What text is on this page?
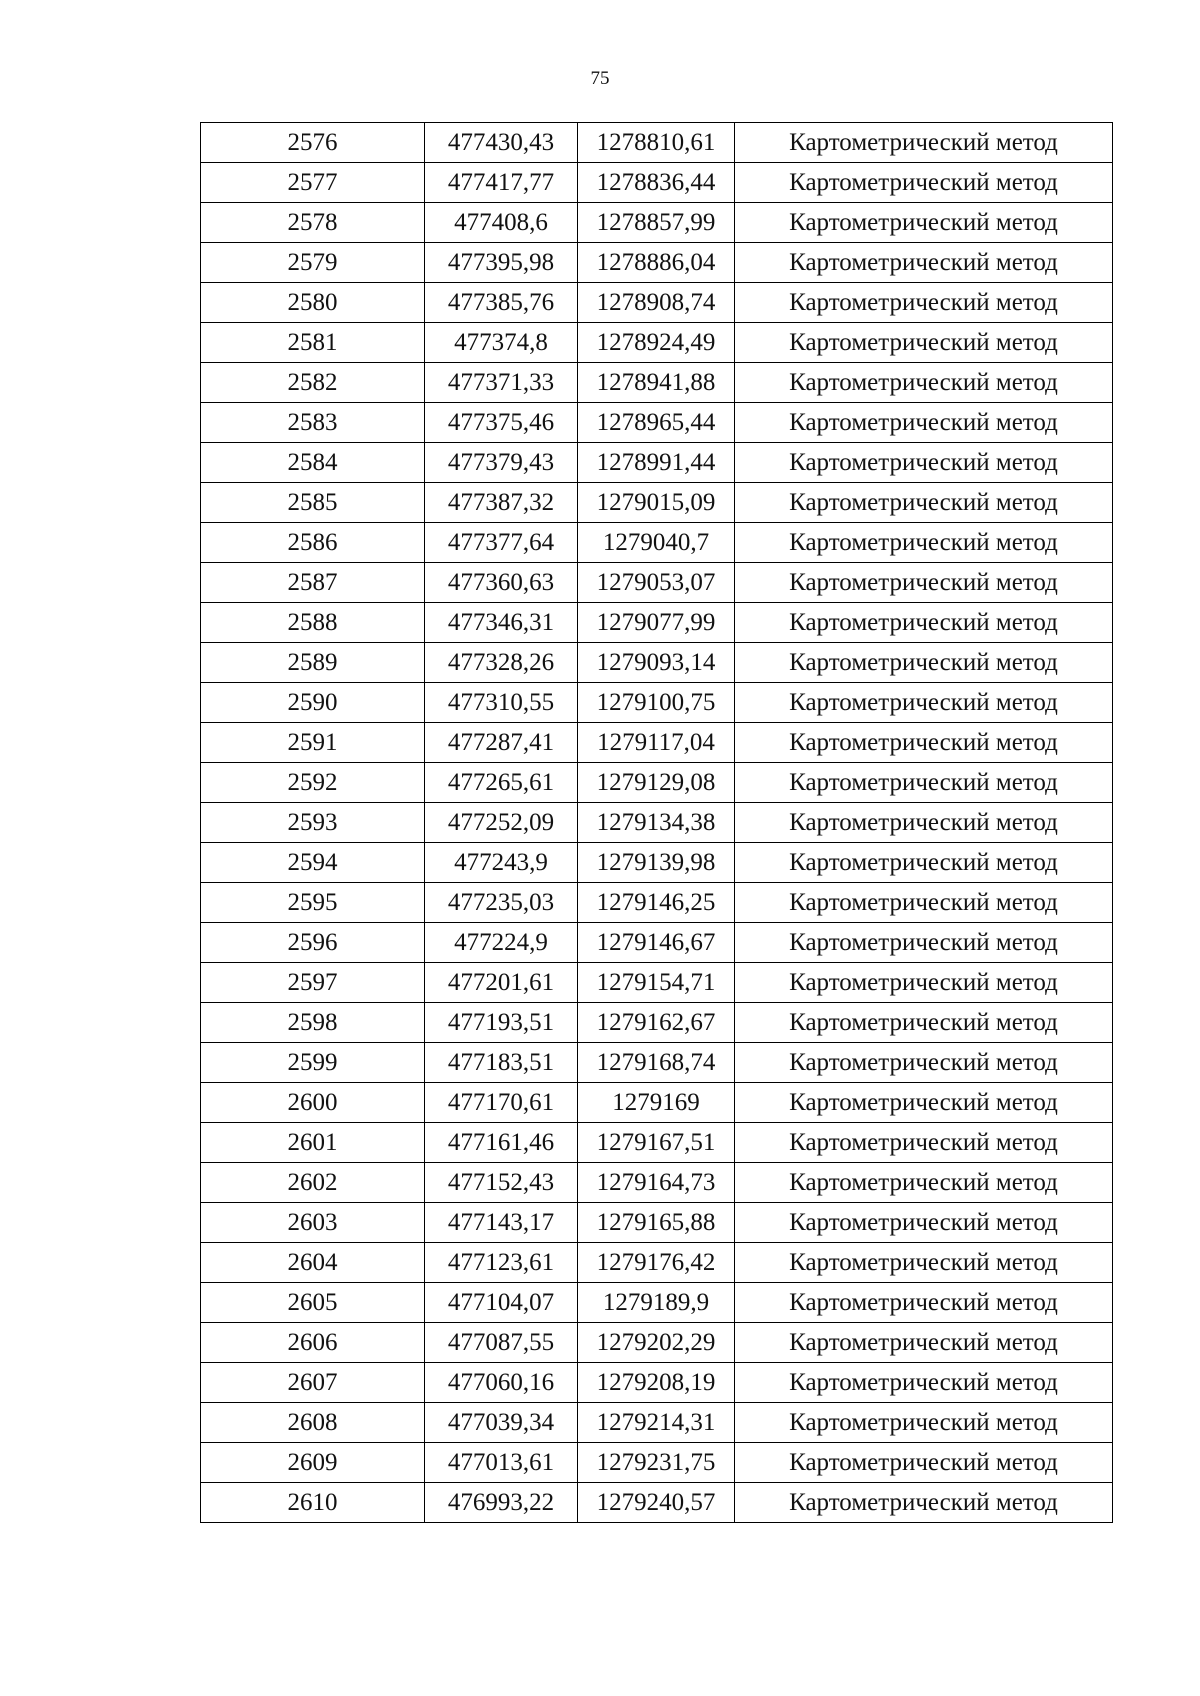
75
2576	477430,43	1278810,61	Картометрический метод
2577	477417,77	1278836,44	Картометрический метод
2578	477408,6	1278857,99	Картометрический метод
2579	477395,98	1278886,04	Картометрический метод
2580	477385,76	1278908,74	Картометрический метод
2581	477374,8	1278924,49	Картометрический метод
2582	477371,33	1278941,88	Картометрический метод
2583	477375,46	1278965,44	Картометрический метод
2584	477379,43	1278991,44	Картометрический метод
2585	477387,32	1279015,09	Картометрический метод
2586	477377,64	1279040,7	Картометрический метод
2587	477360,63	1279053,07	Картометрический метод
2588	477346,31	1279077,99	Картометрический метод
2589	477328,26	1279093,14	Картометрический метод
2590	477310,55	1279100,75	Картометрический метод
2591	477287,41	1279117,04	Картометрический метод
2592	477265,61	1279129,08	Картометрический метод
2593	477252,09	1279134,38	Картометрический метод
2594	477243,9	1279139,98	Картометрический метод
2595	477235,03	1279146,25	Картометрический метод
2596	477224,9	1279146,67	Картометрический метод
2597	477201,61	1279154,71	Картометрический метод
2598	477193,51	1279162,67	Картометрический метод
2599	477183,51	1279168,74	Картометрический метод
2600	477170,61	1279169	Картометрический метод
2601	477161,46	1279167,51	Картометрический метод
2602	477152,43	1279164,73	Картометрический метод
2603	477143,17	1279165,88	Картометрический метод
2604	477123,61	1279176,42	Картометрический метод
2605	477104,07	1279189,9	Картометрический метод
2606	477087,55	1279202,29	Картометрический метод
2607	477060,16	1279208,19	Картометрический метод
2608	477039,34	1279214,31	Картометрический метод
2609	477013,61	1279231,75	Картометрический метод
2610	476993,22	1279240,57	Картометрический метод
